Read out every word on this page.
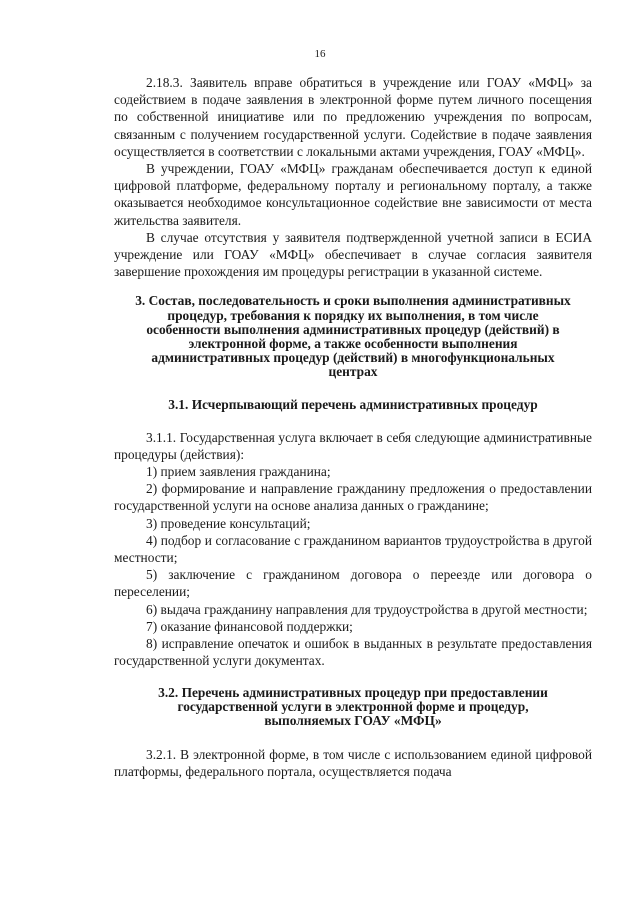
16

2.18.3. Заявитель вправе обратиться в учреждение или ГОАУ «МФЦ» за содействием в подаче заявления в электронной форме путем личного посещения по собственной инициативе или по предложению учреждения по вопросам, связанным с получением государственной услуги. Содействие в подаче заявления осуществляется в соответствии с локальными актами учреждения, ГОАУ «МФЦ».

В учреждении, ГОАУ «МФЦ» гражданам обеспечивается доступ к единой цифровой платформе, федеральному порталу и региональному порталу, а также оказывается необходимое консультационное содействие вне зависимости от места жительства заявителя.

В случае отсутствия у заявителя подтвержденной учетной записи в ЕСИА учреждение или ГОАУ «МФЦ» обеспечивает в случае согласия заявителя завершение прохождения им процедуры регистрации в указанной системе.

3. Состав, последовательность и сроки выполнения административных процедур, требования к порядку их выполнения, в том числе особенности выполнения административных процедур (действий) в электронной форме, а также особенности выполнения административных процедур (действий) в многофункциональных центрах
3.1. Исчерпывающий перечень административных процедур

3.1.1. Государственная услуга включает в себя следующие административные процедуры (действия):

1) прием заявления гражданина;

2) формирование и направление гражданину предложения о предоставлении государственной услуги на основе анализа данных о гражданине;

3) проведение консультаций;

4) подбор и согласование с гражданином вариантов трудоустройства в другой местности;

5) заключение с гражданином договора о переезде или договора о переселении;

6) выдача гражданину направления для трудоустройства в другой местности;

7) оказание финансовой поддержки;

8) исправление опечаток и ошибок в выданных в результате предоставления государственной услуги документах.

3.2. Перечень административных процедур при предоставлении государственной услуги в электронной форме и процедур, выполняемых ГОАУ «МФЦ»

3.2.1. В электронной форме, в том числе с использованием единой цифровой платформы, федерального портала, осуществляется подача
